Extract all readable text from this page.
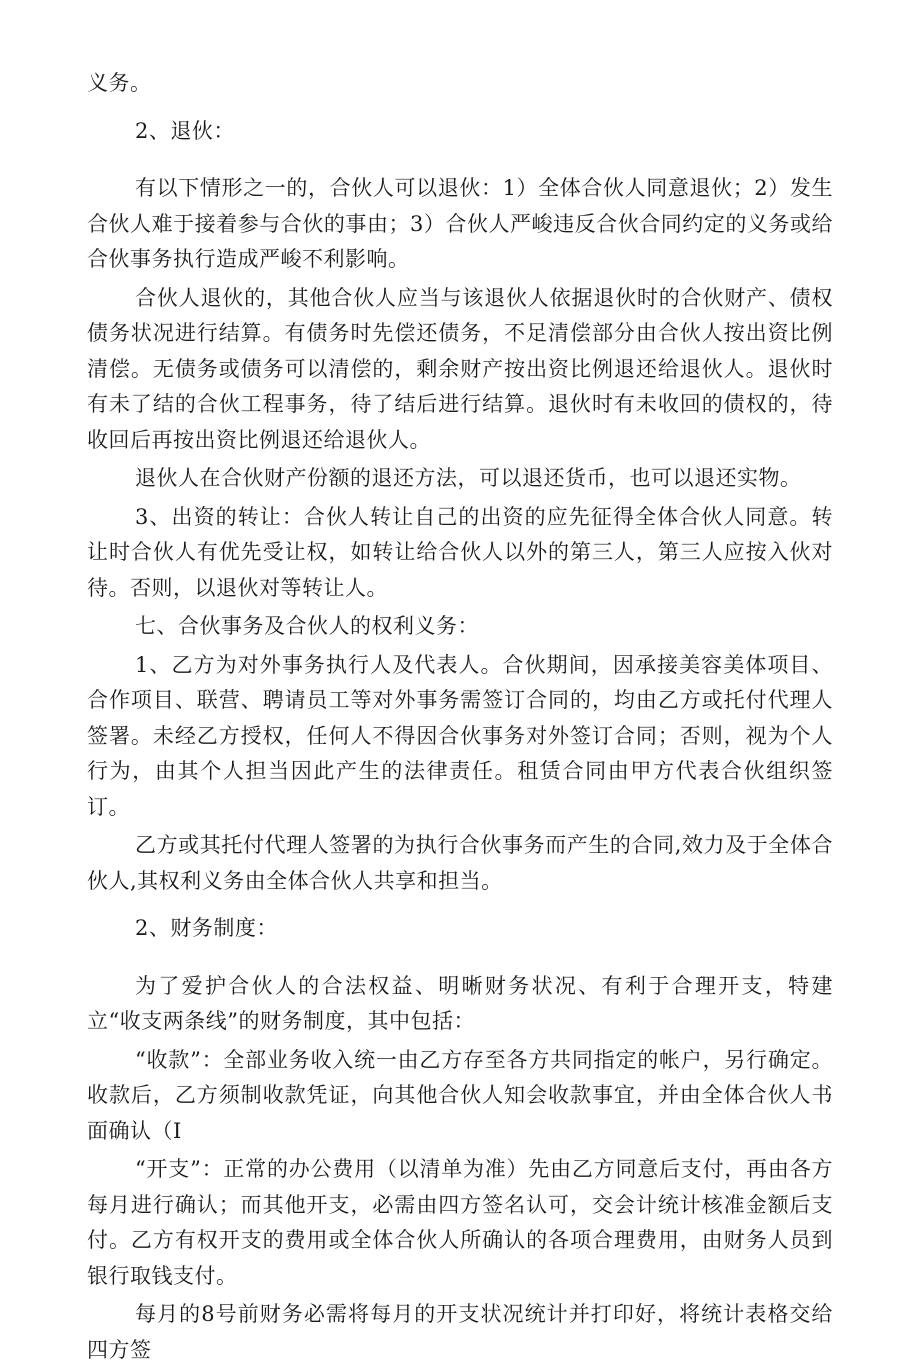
义务。

2、退伙：

有以下情形之一的，合伙人可以退伙：1）全体合伙人同意退伙；2）发生合伙人难于接着参与合伙的事由；3）合伙人严峻违反合伙合同约定的义务或给合伙事务执行造成严峻不利影响。

合伙人退伙的，其他合伙人应当与该退伙人依据退伙时的合伙财产、债权债务状况进行结算。有债务时先偿还债务，不足清偿部分由合伙人按出资比例清偿。无债务或债务可以清偿的，剩余财产按出资比例退还给退伙人。退伙时有未了结的合伙工程事务，待了结后进行结算。退伙时有未收回的债权的，待收回后再按出资比例退还给退伙人。

退伙人在合伙财产份额的退还方法，可以退还货币，也可以退还实物。

3、出资的转让：合伙人转让自己的出资的应先征得全体合伙人同意。转让时合伙人有优先受让权，如转让给合伙人以外的第三人，第三人应按入伙对待。否则，以退伙对等转让人。

七、合伙事务及合伙人的权利义务：

1、乙方为对外事务执行人及代表人。合伙期间，因承接美容美体项目、合作项目、联营、聘请员工等对外事务需签订合同的，均由乙方或托付代理人签署。未经乙方授权，任何人不得因合伙事务对外签订合同；否则，视为个人行为，由其个人担当因此产生的法律责任。租赁合同由甲方代表合伙组织签订。

乙方或其托付代理人签署的为执行合伙事务而产生的合同,效力及于全体合伙人,其权利义务由全体合伙人共享和担当。

2、财务制度：

为了爱护合伙人的合法权益、明晰财务状况、有利于合理开支，特建立“收支两条线”的财务制度，其中包括：

“收款”：全部业务收入统一由乙方存至各方共同指定的帐户，另行确定。收款后，乙方须制收款凭证，向其他合伙人知会收款事宜，并由全体合伙人书面确认（I

“开支”：正常的办公费用（以清单为准）先由乙方同意后支付，再由各方每月进行确认；而其他开支，必需由四方签名认可，交会计统计核准金额后支付。乙方有权开支的费用或全体合伙人所确认的各项合理费用，由财务人员到银行取钱支付。

每月的8号前财务必需将每月的开支状况统计并打印好，将统计表格交给四方签
